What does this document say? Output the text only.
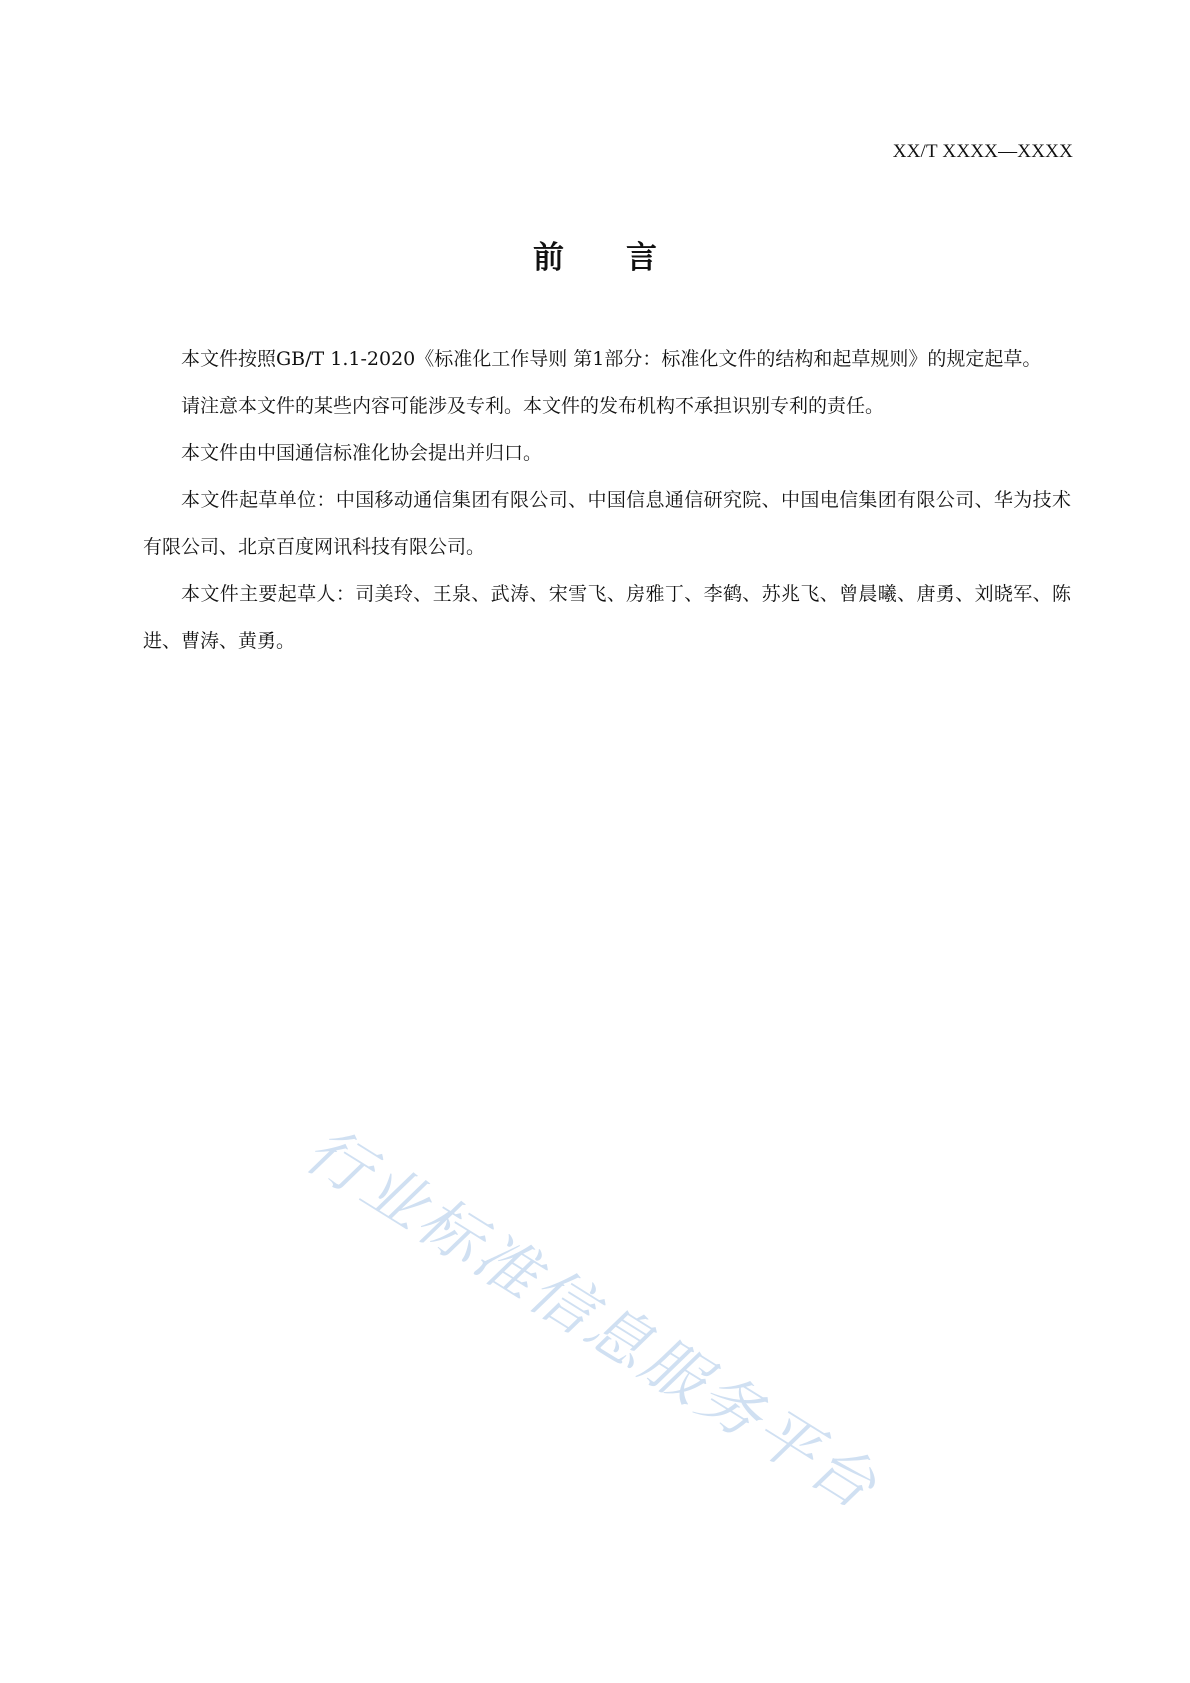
XX/T XXXX—XXXX
前言

本文件按照GB/T 1.1-2020《标准化工作导则 第1部分：标准化文件的结构和起草规则》的规定起草。

请注意本文件的某些内容可能涉及专利。本文件的发布机构不承担识别专利的责任。

本文件由中国通信标准化协会提出并归口。

本文件起草单位：中国移动通信集团有限公司、中国信息通信研究院、中国电信集团有限公司、华为技术有限公司、北京百度网讯科技有限公司。

本文件主要起草人：司美玲、王泉、武涛、宋雪飞、房雅丁、李鹤、苏兆飞、曾晨曦、唐勇、刘晓军、陈进、曹涛、黄勇。

行业标准信息服务平台
